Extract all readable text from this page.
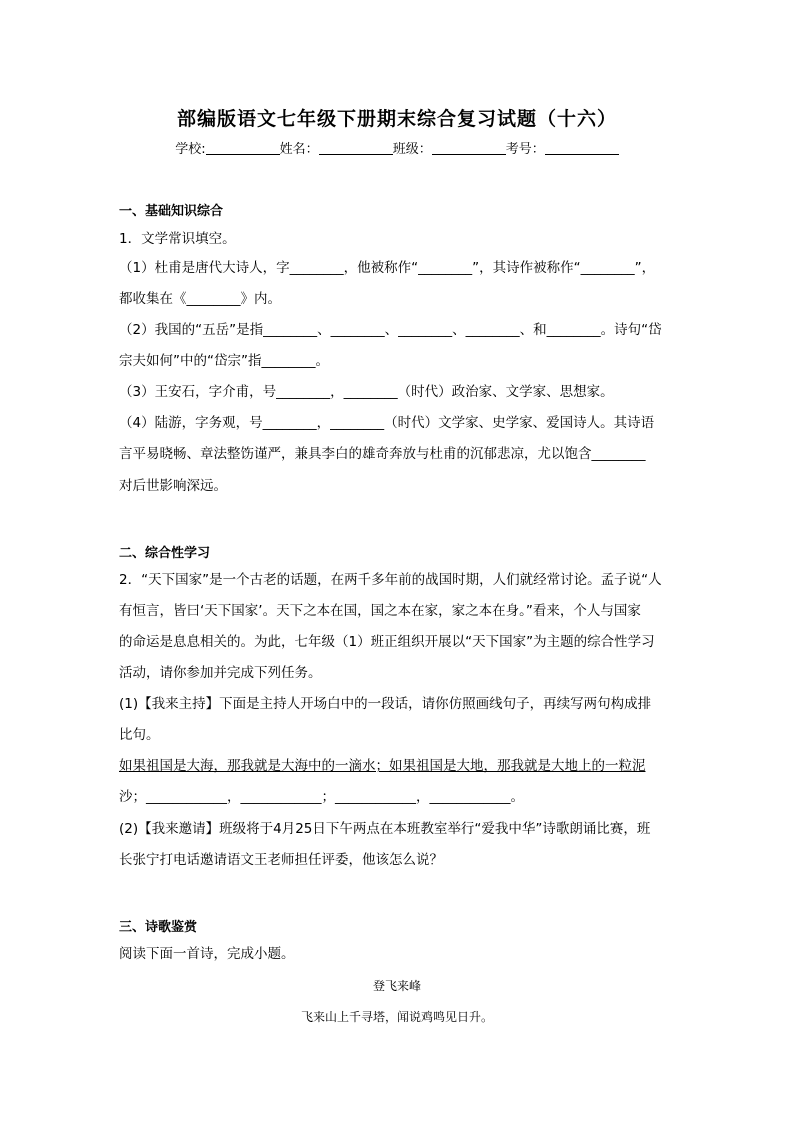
部编版语文七年级下册期末综合复习试题（十六）
学校:	姓名：	班级：	考号：
一、基础知识综合
1．文学常识填空。
（1）杜甫是唐代大诗人，字________，他被称作“________”，其诗作被称作“________”，
都收集在《________》内。
（2）我国的“五岳”是指________、________、________、________、和________。诗句“岱
宗夫如何”中的“岱宗”指________。
（3）王安石，字介甫，号________，________（时代）政治家、文学家、思想家。
（4）陆游，字务观，号________，________（时代）文学家、史学家、爱国诗人。其诗语
言平易晓畅、章法整饬谨严，兼具李白的雄奇奔放与杜甫的沉郁悲凉，尤以饱含________
对后世影响深远。
二、综合性学习
2．“天下国家”是一个古老的话题，在两千多年前的战国时期，人们就经常讨论。孟子说“人
有恒言，皆曰‘天下国家’。天下之本在国，国之本在家，家之本在身。”看来，个人与国家
的命运是息息相关的。为此，七年级（1）班正组织开展以“天下国家”为主题的综合性学习
活动，请你参加并完成下列任务。
(1)【我来主持】下面是主持人开场白中的一段话，请你仿照画线句子，再续写两句构成排
比句。
如果祖国是大海，那我就是大海中的一滴水；如果祖国是大地，那我就是大地上的一粒泥
沙；____________，____________；____________，____________。
(2)【我来邀请】班级将于4月25日下午两点在本班教室举行“爱我中华”诗歌朗诵比赛，班
长张宁打电话邀请语文王老师担任评委，他该怎么说？
三、诗歌鉴赏
阅读下面一首诗，完成小题。
登飞来峰
飞来山上千寻塔，闻说鸡鸣见日升。
